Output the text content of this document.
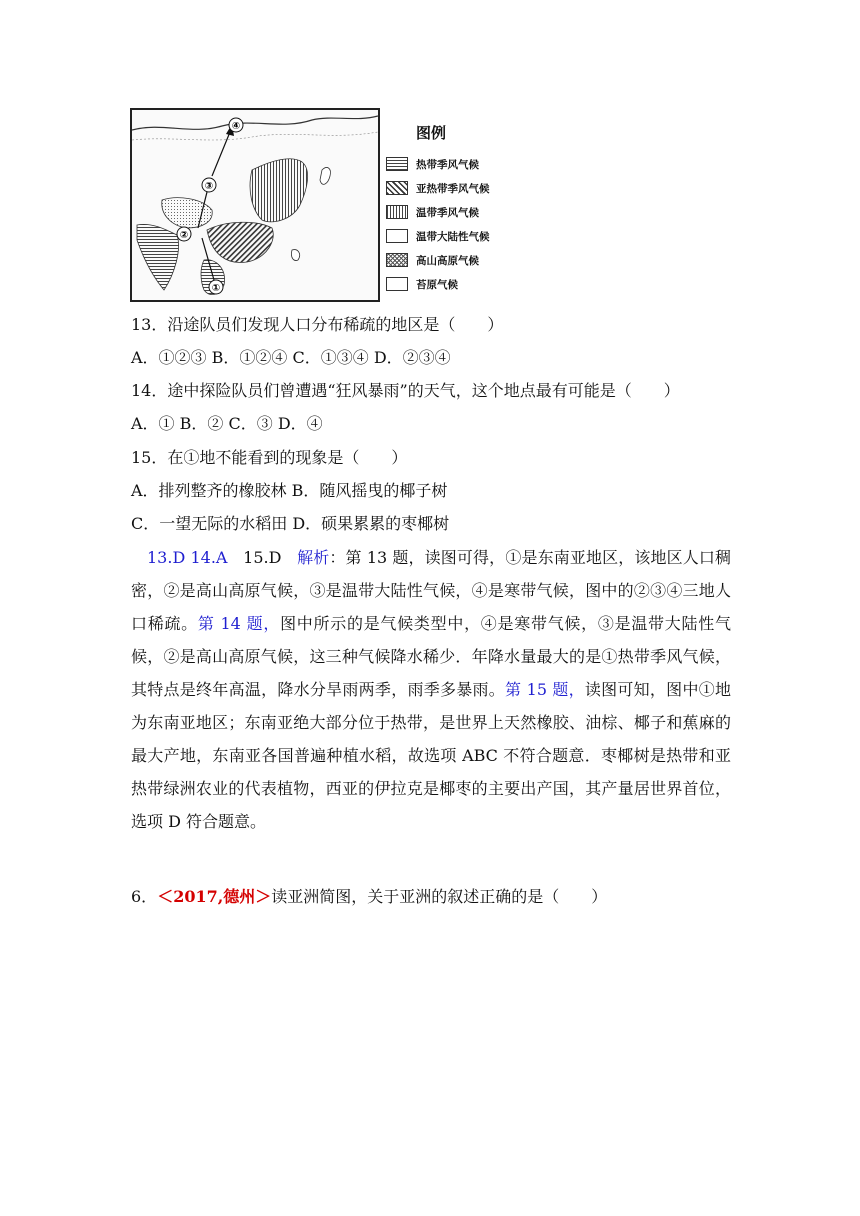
①
②
③
④	图例
热带季风气候
亚热带季风气候
温带季风气候
温带大陆性气候
高山高原气候
苔原气候
13．沿途队员们发现人口分布稀疏的地区是（　　）
A．①②③ B．①②④ C．①③④ D．②③④
14．途中探险队员们曾遭遇“狂风暴雨”的天气，这个地点最有可能是（　　）
A．① B．② C．③ D．④
15．在①地不能看到的现象是（　　）
A．排列整齐的橡胶林 B．随风摇曳的椰子树
C．一望无际的水稻田 D．硕果累累的枣椰树
13.D 14.A 15.D 解析：第 13 题，读图可得，①是东南亚地区，该地区人口稠密，②是高山高原气候，③是温带大陆性气候，④是寒带气候，图中的②③④三地人口稀疏。第 14 题，图中所示的是气候类型中，④是寒带气候，③是温带大陆性气候，②是高山高原气候，这三种气候降水稀少．年降水量最大的是①热带季风气候，其特点是终年高温，降水分旱雨两季，雨季多暴雨。第 15 题，读图可知，图中①地为东南亚地区；东南亚绝大部分位于热带，是世界上天然橡胶、油棕、椰子和蕉麻的最大产地，东南亚各国普遍种植水稻，故选项 ABC 不符合题意．枣椰树是热带和亚热带绿洲农业的代表植物，西亚的伊拉克是椰枣的主要出产国，其产量居世界首位，选项 D 符合题意。
6．＜2017,德州＞读亚洲简图，关于亚洲的叙述正确的是（　　）
